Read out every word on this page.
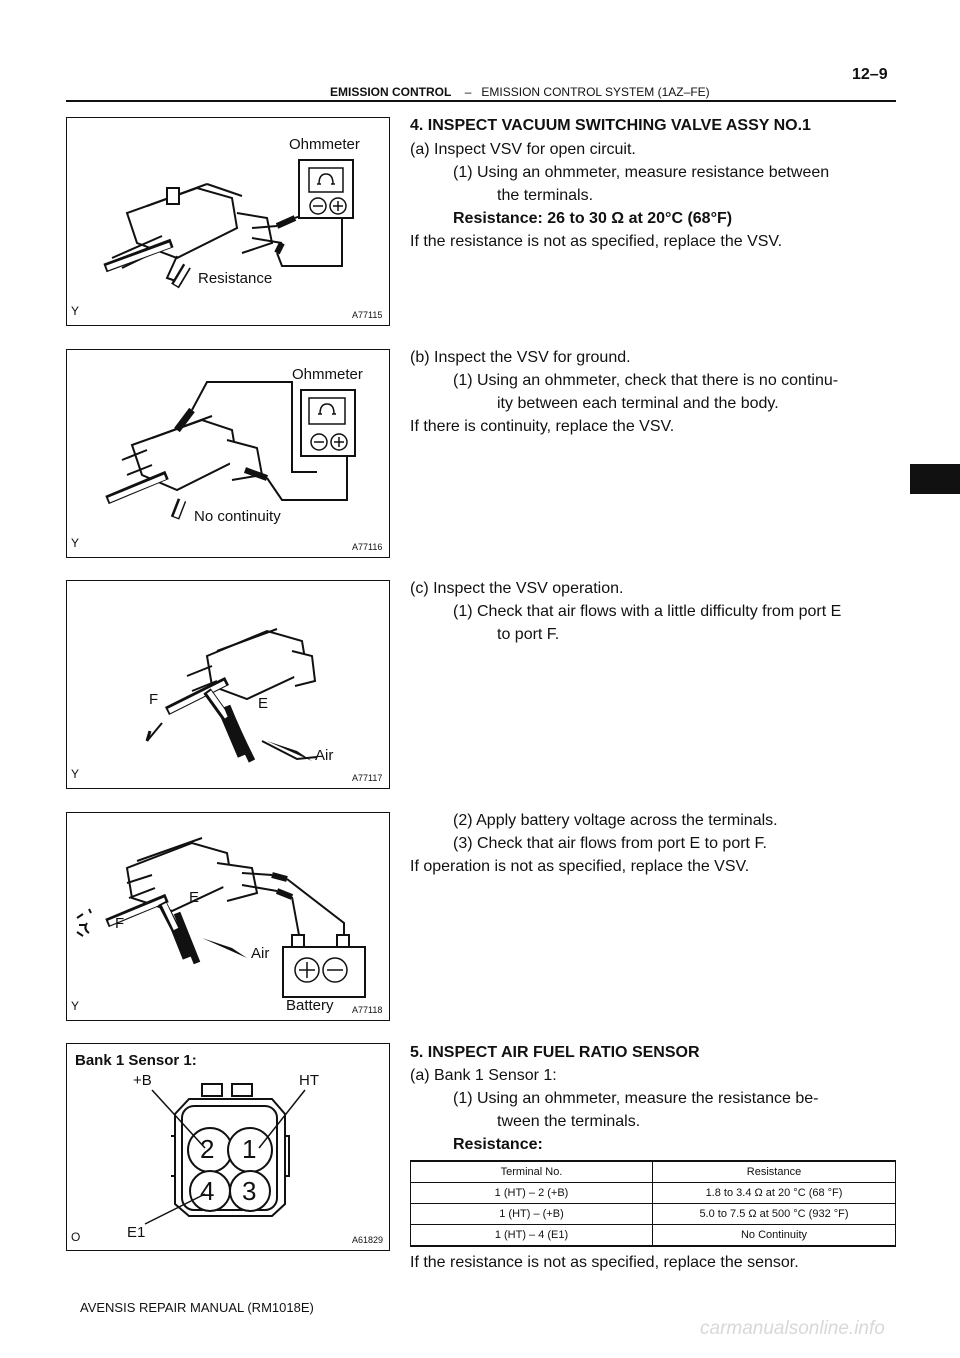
12–9
EMISSION CONTROL – EMISSION CONTROL SYSTEM (1AZ–FE)
Ohmmeter
Resistance
Y	A77115
Ohmmeter
No continuity
Y	A77116
F	E
Air
Y	A77117
F
E
Air
Battery
Y	A77118
Bank 1 Sensor 1:
+B	HT
2 1
4 3
E1
O	A61829
4. INSPECT VACUUM SWITCHING VALVE ASSY NO.1
(a) Inspect VSV for open circuit.
(1) Using an ohmmeter, measure resistance between
the terminals.
Resistance: 26 to 30 Ω at 20°C (68°F)
If the resistance is not as specified, replace the VSV.
(b) Inspect the VSV for ground.
(1) Using an ohmmeter, check that there is no continu-
ity between each terminal and the body.
If there is continuity, replace the VSV.
(c) Inspect the VSV operation.
(1) Check that air flows with a little difficulty from port E
to port F.
(2) Apply battery voltage across the terminals.
(3) Check that air flows from port E to port F.
If operation is not as specified, replace the VSV.
5. INSPECT AIR FUEL RATIO SENSOR
(a) Bank 1 Sensor 1:
(1) Using an ohmmeter, measure the resistance be-
tween the terminals.
Resistance:
Terminal No.	Resistance
1 (HT) – 2 (+B)	1.8 to 3.4 Ω at 20 °C (68 °F)
1 (HT) – (+B)	5.0 to 7.5 Ω at 500 °C (932 °F)
1 (HT) – 4 (E1)	No Continuity
If the resistance is not as specified, replace the sensor.
AVENSIS REPAIR MANUAL (RM1018E)
carmanualsonline.info
